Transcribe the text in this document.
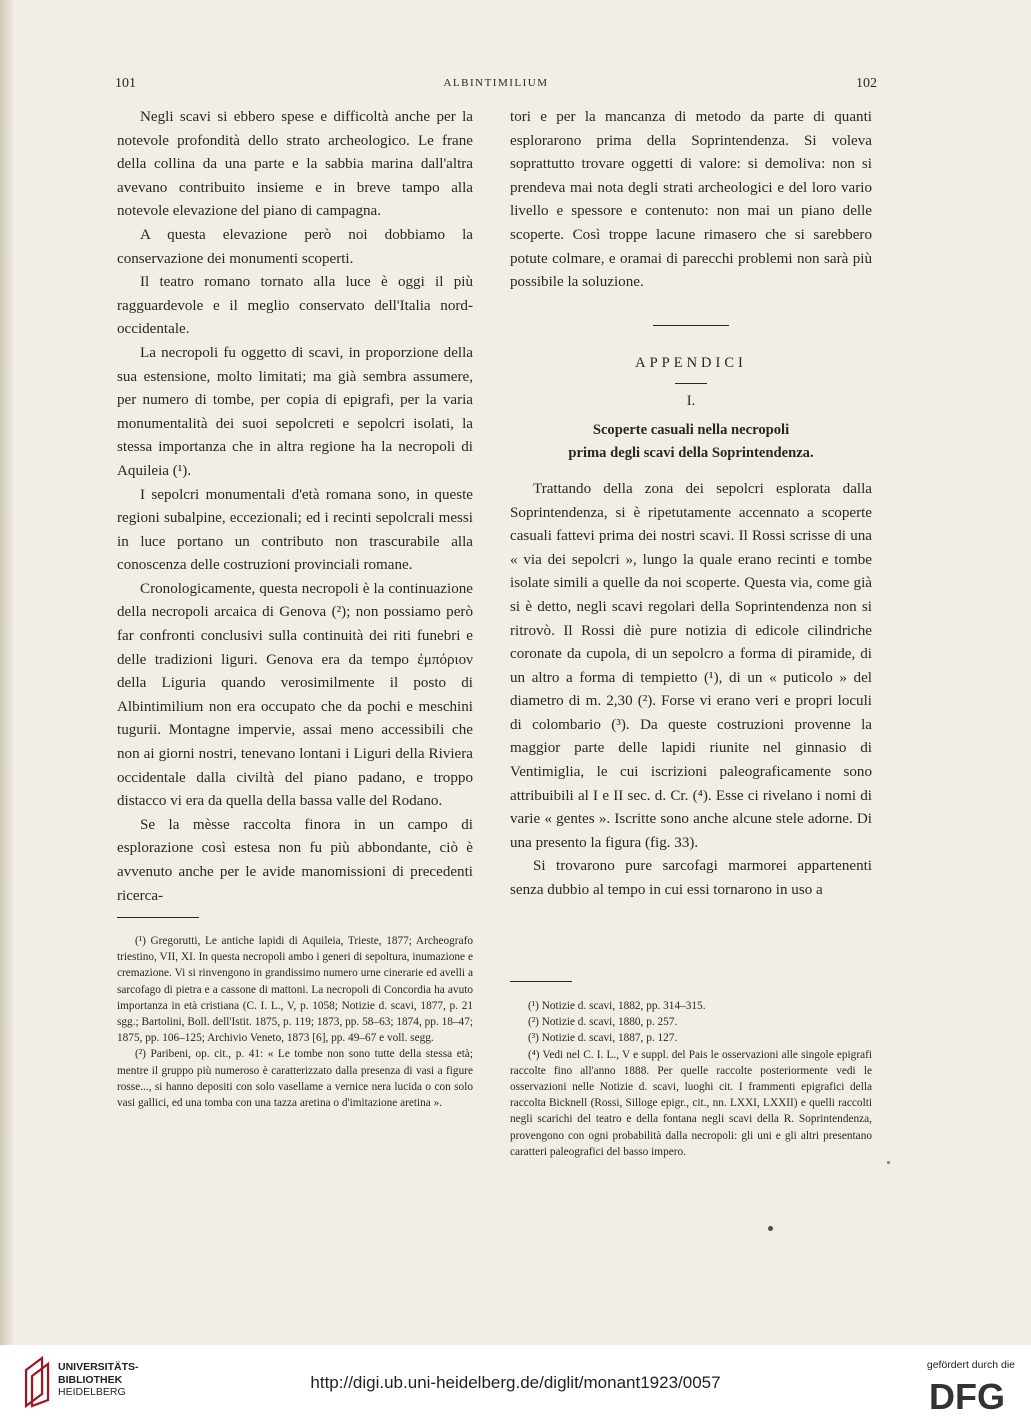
101	ALBINTIMILIUM	102

Negli scavi si ebbero spese e difficoltà anche per la notevole profondità dello strato archeologico. Le frane della collina da una parte e la sabbia marina dall'altra avevano contribuito insieme e in breve tampo alla notevole elevazione del piano di campagna.

A questa elevazione però noi dobbiamo la conservazione dei monumenti scoperti.

Il teatro romano tornato alla luce è oggi il più ragguardevole e il meglio conservato dell'Italia nord-occidentale.

La necropoli fu oggetto di scavi, in proporzione della sua estensione, molto limitati; ma già sembra assumere, per numero di tombe, per copia di epigrafi, per la varia monumentalità dei suoi sepolcreti e sepolcri isolati, la stessa importanza che in altra regione ha la necropoli di Aquileia (¹).

I sepolcri monumentali d'età romana sono, in queste regioni subalpine, eccezionali; ed i recinti sepolcrali messi in luce portano un contributo non trascurabile alla conoscenza delle costruzioni provinciali romane.

Cronologicamente, questa necropoli è la continuazione della necropoli arcaica di Genova (²); non possiamo però far confronti conclusivi sulla continuità dei riti funebri e delle tradizioni liguri. Genova era da tempo ἐμπόριον della Liguria quando verosimilmente il posto di Albintimilium non era occupato che da pochi e meschini tugurii. Montagne impervie, assai meno accessibili che non ai giorni nostri, tenevano lontani i Liguri della Riviera occidentale dalla civiltà del piano padano, e troppo distacco vi era da quella della bassa valle del Rodano.

Se la mèsse raccolta finora in un campo di esplorazione così estesa non fu più abbondante, ciò è avvenuto anche per le avide manomissioni di precedenti ricerca-

(¹) Gregorutti, Le antiche lapidi di Aquileia, Trieste, 1877; Archeografo triestino, VII, XI. In questa necropoli ambo i generi di sepoltura, inumazione e cremazione. Vi si rinvengono in grandissimo numero urne cinerarie ed avelli a sarcofago di pietra e a cassone di mattoni. La necropoli di Concordia ha avuto importanza in età cristiana (C. I. L., V, p. 1058; Notizie d. scavi, 1877, p. 21 sgg.; Bartolini, Boll. dell'Istit. 1875, p. 119; 1873, pp. 58–63; 1874, pp. 18–47; 1875, pp. 106–125; Archivio Veneto, 1873 [6], pp. 49–67 e voll. segg.

(²) Paribeni, op. cit., p. 41: « Le tombe non sono tutte della stessa età; mentre il gruppo più numeroso è caratterizzato dalla presenza di vasi a figure rosse..., si hanno depositi con solo vasellame a vernice nera lucida o con solo vasi gallici, ed una tomba con una tazza aretina o d'imitazione aretina ».

tori e per la mancanza di metodo da parte di quanti esplorarono prima della Soprintendenza. Si voleva soprattutto trovare oggetti di valore: si demoliva: non si prendeva mai nota degli strati archeologici e del loro vario livello e spessore e contenuto: non mai un piano delle scoperte. Così troppe lacune rimasero che si sarebbero potute colmare, e oramai di parecchi problemi non sarà più possibile la soluzione.

APPENDICI
I.
Scoperte casuali nella necropoli
prima degli scavi della Soprintendenza.

Trattando della zona dei sepolcri esplorata dalla Soprintendenza, si è ripetutamente accennato a scoperte casuali fattevi prima dei nostri scavi. Il Rossi scrisse di una « via dei sepolcri », lungo la quale erano recinti e tombe isolate simili a quelle da noi scoperte. Questa via, come già si è detto, negli scavi regolari della Soprintendenza non si ritrovò. Il Rossi diè pure notizia di edicole cilindriche coronate da cupola, di un sepolcro a forma di piramide, di un altro a forma di tempietto (¹), di un « puticolo » del diametro di m. 2,30 (²). Forse vi erano veri e propri loculi di colombario (³). Da queste costruzioni provenne la maggior parte delle lapidi riunite nel ginnasio di Ventimiglia, le cui iscrizioni paleograficamente sono attribuibili al I e II sec. d. Cr. (⁴). Esse ci rivelano i nomi di varie « gentes ». Iscritte sono anche alcune stele adorne. Di una presento la figura (fig. 33).

Si trovarono pure sarcofagi marmorei appartenenti senza dubbio al tempo in cui essi tornarono in uso a

(¹) Notizie d. scavi, 1882, pp. 314–315.

(²) Notizie d. scavi, 1880, p. 257.

(³) Notizie d. scavi, 1887, p. 127.

(⁴) Vedi nel C. I. L., V e suppl. del Pais le osservazioni alle singole epigrafi raccolte fino all'anno 1888. Per quelle raccolte posteriormente vedi le osservazioni nelle Notizie d. scavi, luoghi cit. I frammenti epigrafici della raccolta Bicknell (Rossi, Silloge epigr., cit., nn. LXXI, LXXII) e quelli raccolti negli scarichi del teatro e della fontana negli scavi della R. Soprintendenza, provengono con ogni probabilità dalla necropoli: gli uni e gli altri presentano caratteri paleografici del basso impero.

UNIVERSITÄTS-
BIBLIOTHEK
HEIDELBERG	http://digi.ub.uni-heidelberg.de/diglit/monant1923/0057
gefördert durch die
DFG
